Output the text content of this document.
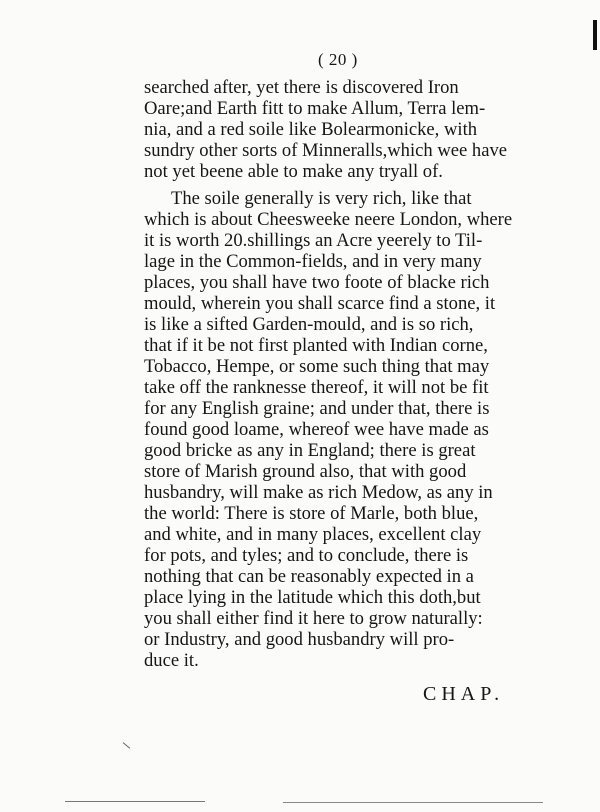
( 20 )
searched after, yet there is discovered Iron
Oare;and Earth fitt to make Allum, Terra lem-
nia, and a red soile like Bolearmonicke, with
sundry other sorts of Minneralls,which wee have
not yet beene able to make any tryall of.
The soile generally is very rich, like that
which is about Cheesweeke neere London, where
it is worth 20.shillings an Acre yeerely to Til-
lage in the Common-fields, and in very many
places, you shall have two foote of blacke rich
mould, wherein you shall scarce find a stone, it
is like a sifted Garden-mould, and is so rich,
that if it be not first planted with Indian corne,
Tobacco, Hempe, or some such thing that may
take off the ranknesse thereof, it will not be fit
for any English graine; and under that, there is
found good loame, whereof wee have made as
good bricke as any in England; there is great
store of Marish ground also, that with good
husbandry, will make as rich Medow, as any in
the world: There is store of Marle, both blue,
and white, and in many places, excellent clay
for pots, and tyles; and to conclude, there is
nothing that can be reasonably expected in a
place lying in the latitude which this doth,but
you shall either find it here to grow naturally:
or Industry, and good husbandry will pro-
duce it.
CHAP.
